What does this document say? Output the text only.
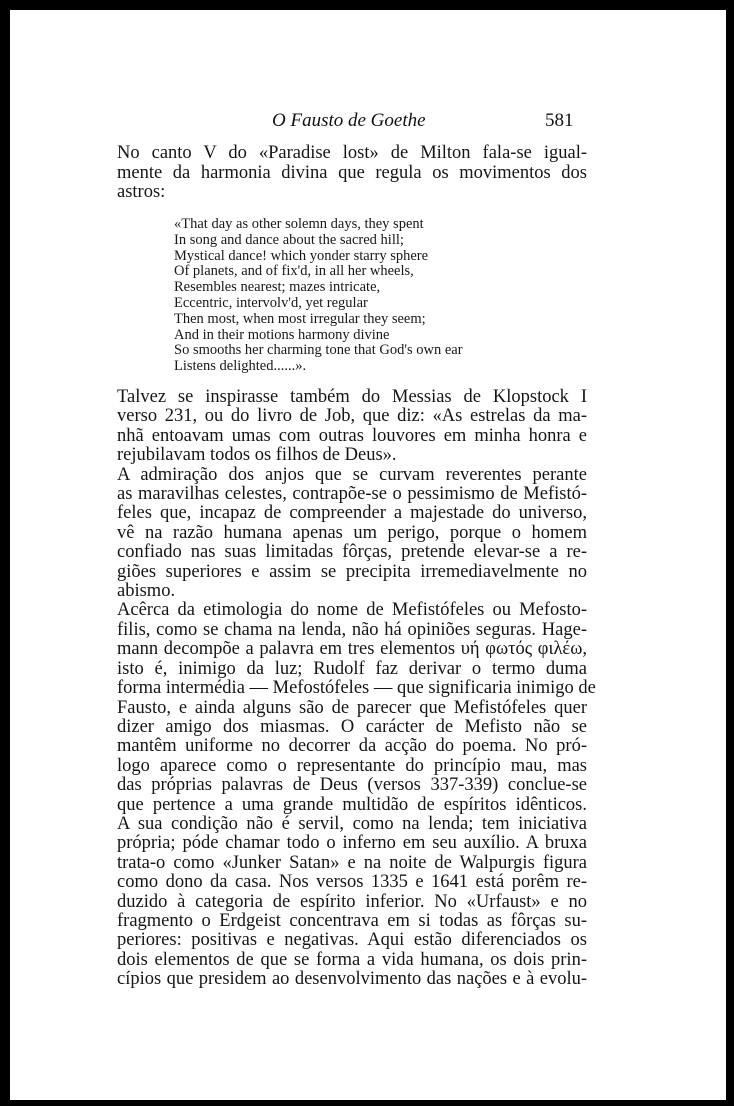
O Fausto de Goethe	581
No canto V do «Paradise lost» de Milton fala-se igual-
mente da harmonia divina que regula os movimentos dos
astros:
«That day as other solemn days, they spent
In song and dance about the sacred hill;
Mystical dance! which yonder starry sphere
Of planets, and of fix'd, in all her wheels,
Resembles nearest; mazes intricate,
Eccentric, intervolv'd, yet regular
Then most, when most irregular they seem;
And in their motions harmony divine
So smooths her charming tone that God's own ear
Listens delighted......».
Talvez se inspirasse também do Messias de Klopstock I
verso 231, ou do livro de Job, que diz: «As estrelas da ma-
nhã entoavam umas com outras louvores em minha honra e
rejubilavam todos os filhos de Deus».
A admiração dos anjos que se curvam reverentes perante
as maravilhas celestes, contrapõe-se o pessimismo de Mefistó-
feles que, incapaz de compreender a majestade do universo,
vê na razão humana apenas um perigo, porque o homem
confiado nas suas limitadas fôrças, pretende elevar-se a re-
giões superiores e assim se precipita irremediavelmente no
abismo.
Acêrca da etimologia do nome de Mefistófeles ou Mefosto-
filis, como se chama na lenda, não há opiniões seguras. Hage-
mann decompõe a palavra em tres elementos υή φωτός φιλέω,
isto é, inimigo da luz; Rudolf faz derivar o termo duma
forma intermédia — Mefostófeles — que significaria inimigo de
Fausto, e ainda alguns são de parecer que Mefistófeles quer
dizer amigo dos miasmas. O carácter de Mefisto não se
mantêm uniforme no decorrer da acção do poema. No pró-
logo aparece como o representante do princípio mau, mas
das próprias palavras de Deus (versos 337-339) conclue-se
que pertence a uma grande multidão de espíritos idênticos.
A sua condição não é servil, como na lenda; tem iniciativa
própria; póde chamar todo o inferno em seu auxílio. A bruxa
trata-o como «Junker Satan» e na noite de Walpurgis figura
como dono da casa. Nos versos 1335 e 1641 está porêm re-
duzido à categoria de espírito inferior. No «Urfaust» e no
fragmento o Erdgeist concentrava em si todas as fôrças su-
periores: positivas e negativas. Aqui estão diferenciados os
dois elementos de que se forma a vida humana, os dois prin-
cípios que presidem ao desenvolvimento das nações e à evolu-
